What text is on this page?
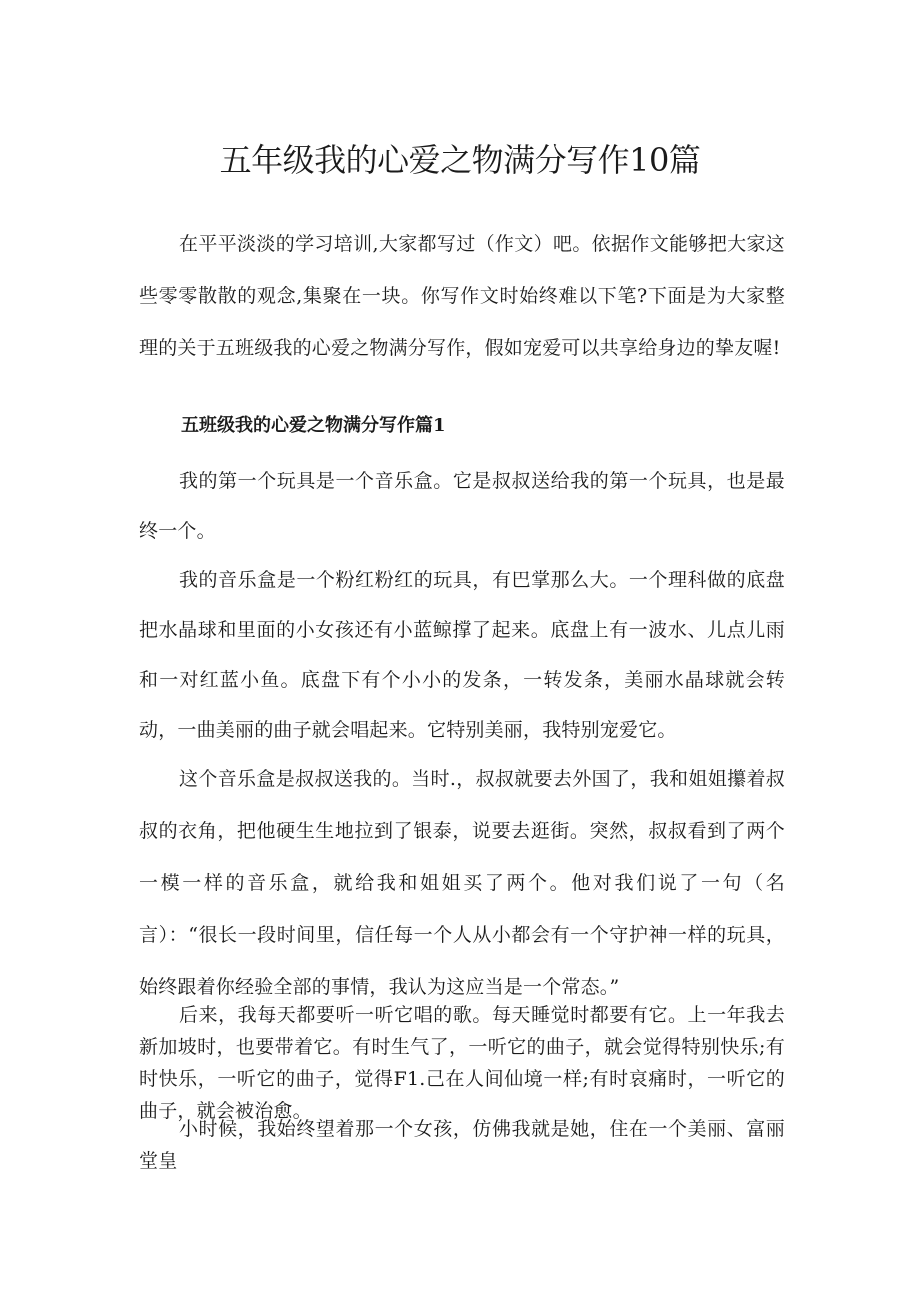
五年级我的心爱之物满分写作10篇

在平平淡淡的学习培训,大家都写过（作文）吧。依据作文能够把大家这些零零散散的观念,集聚在一块。你写作文时始终难以下笔?下面是为大家整理的关于五班级我的心爱之物满分写作，假如宠爱可以共享给身边的挚友喔!

五班级我的心爱之物满分写作篇1

我的第一个玩具是一个音乐盒。它是叔叔送给我的第一个玩具，也是最终一个。

我的音乐盒是一个粉红粉红的玩具，有巴掌那么大。一个理科做的底盘把水晶球和里面的小女孩还有小蓝鲸撑了起来。底盘上有一波水、儿点儿雨和一对红蓝小鱼。底盘下有个小小的发条，一转发条，美丽水晶球就会转动，一曲美丽的曲子就会唱起来。它特别美丽，我特别宠爱它。

这个音乐盒是叔叔送我的。当时.，叔叔就要去外国了，我和姐姐攥着叔叔的衣角，把他硬生生地拉到了银泰，说要去逛街。突然，叔叔看到了两个一模一样的音乐盒，就给我和姐姐买了两个。他对我们说了一句（名言）：“很长一段时间里，信任每一个人从小都会有一个守护神一样的玩具，始终跟着你经验全部的事情，我认为这应当是一个常态。”

后来，我每天都要听一听它唱的歌。每天睡觉时都要有它。上一年我去新加坡时，也要带着它。有时生气了，一听它的曲子，就会觉得特别快乐;有时快乐，一听它的曲子，觉得F1.己在人间仙境一样;有时哀痛时，一听它的曲子，就会被治愈。

小时候，我始终望着那一个女孩，仿佛我就是她，住在一个美丽、富丽堂皇
